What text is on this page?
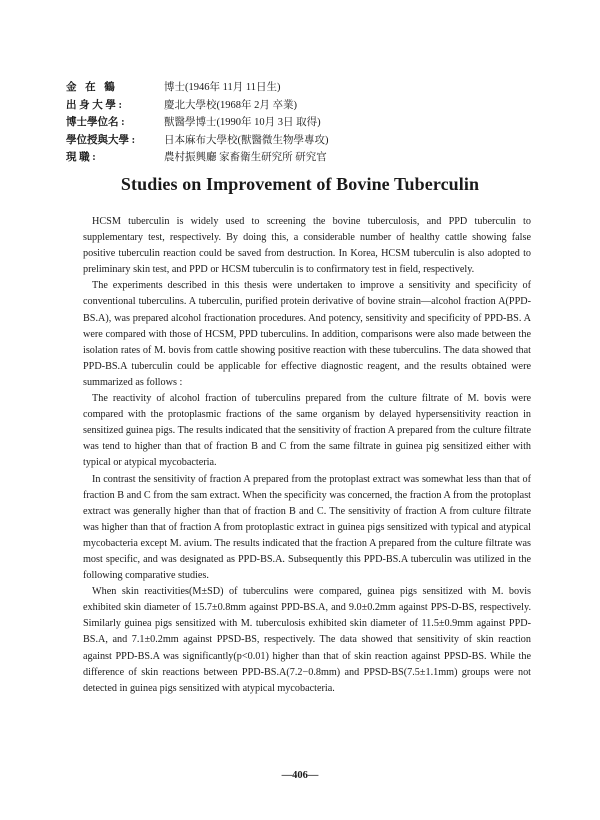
金 在 鶴	博士(1946年 11月 11日生)
出 身 大 學 :	慶北大學校(1968年 2月 卒業)
博士學位名 :	獸醫學博士(1990年 10月 3日 取得)
學位授與大學 :	日本麻布大學校(獸醫微生物學專攻)
現 職 :	農村振興廳 家畜衛生研究所 研究官
Studies on Improvement of Bovine Tuberculin

HCSM tuberculin is widely used to screening the bovine tuberculosis, and PPD tuberculin to supplementary test, respectively. By doing this, a considerable number of healthy cattle showing false positive tuberculin reaction could be saved from destruction. In Korea, HCSM tuberculin is also adopted to preliminary skin test, and PPD or HCSM tuberculin is to confirmatory test in field, respectively.

The experiments described in this thesis were undertaken to improve a sensitivity and specificity of conventional tuberculins. A tuberculin, purified protein derivative of bovine strain—alcohol fraction A(PPD-BS.A), was prepared alcohol fractionation procedures. And potency, sensitivity and specificity of PPD-BS. A were compared with those of HCSM, PPD tuberculins. In addition, comparisons were also made between the isolation rates of M. bovis from cattle showing positive reaction with these tuberculins. The data showed that PPD-BS.A tuberculin could be applicable for effective diagnostic reagent, and the results obtained were summarized as follows :

The reactivity of alcohol fraction of tuberculins prepared from the culture filtrate of M. bovis were compared with the protoplasmic fractions of the same organism by delayed hypersensitivity reaction in sensitized guinea pigs. The results indicated that the sensitivity of fraction A prepared from the culture filtrate was tend to higher than that of fraction B and C from the same filtrate in guinea pig sensitized either with typical or atypical mycobacteria.

In contrast the sensitivity of fraction A prepared from the protoplast extract was somewhat less than that of fraction B and C from the sam extract. When the specificity was concerned, the fraction A from the protoplast extract was generally higher than that of fraction B and C. The sensitivity of fraction A from culture filtrate was higher than that of fraction A from protoplastic extract in guinea pigs sensitized with typical and atypical mycobacteria except M. avium. The results indicated that the fraction A prepared from the culture filtrate was most specific, and was designated as PPD-BS.A. Subsequently this PPD-BS.A tuberculin was utilized in the following comparative studies.

When skin reactivities(M±SD) of tuberculins were compared, guinea pigs sensitized with M. bovis exhibited skin diameter of 15.7±0.8mm against PPD-BS.A, and 9.0±0.2mm against PPS-D-BS, respectively. Similarly guinea pigs sensitized with M. tuberculosis exhibited skin diameter of 11.5±0.9mm against PPD-BS.A, and 7.1±0.2mm against PPSD-BS, respectively. The data showed that sensitivity of skin reaction against PPD-BS.A was significantly(p<0.01) higher than that of skin reaction against PPSD-BS. While the difference of skin reactions between PPD-BS.A(7.2−0.8mm) and PPSD-BS(7.5±1.1mm) groups were not detected in guinea pigs sensitized with atypical mycobacteria.

—406—
